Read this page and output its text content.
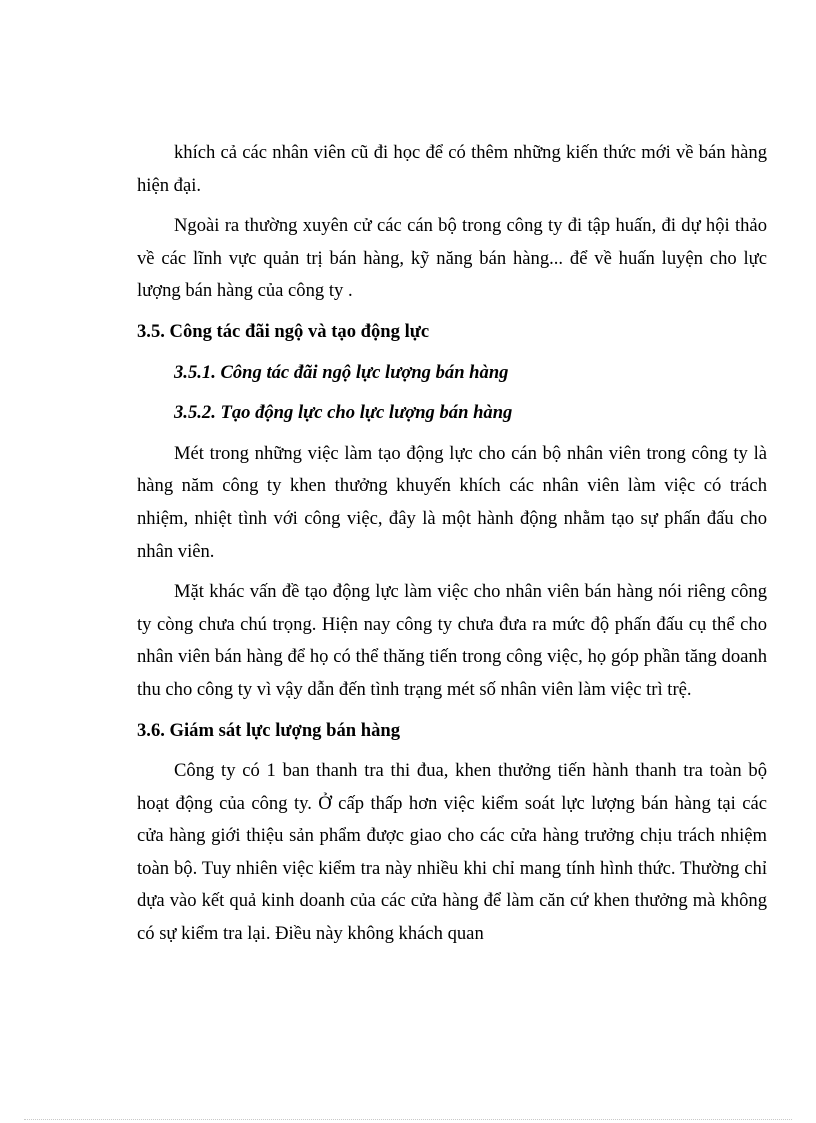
khích cả các nhân viên cũ đi học để có thêm những kiến thức mới về bán hàng hiện đại.

Ngoài ra thường xuyên cử các cán bộ trong công ty đi tập huấn, đi dự hội thảo về các lĩnh vực quản trị bán hàng, kỹ năng bán hàng... để về huấn luyện cho lực lượng bán hàng của công ty .

3.5. Công tác đãi ngộ và tạo động lực

3.5.1. Công tác đãi ngộ lực lượng bán hàng

3.5.2. Tạo động lực cho lực lượng bán hàng

Mét trong những việc làm tạo động lực cho cán bộ nhân viên trong công ty là hàng năm công ty khen thưởng khuyến khích các nhân viên làm việc có trách nhiệm, nhiệt tình với công việc, đây là một hành động nhằm tạo sự phấn đấu cho nhân viên.

Mặt khác vấn đề tạo động lực làm việc cho nhân viên bán hàng nói riêng công ty còng chưa chú trọng. Hiện nay công ty chưa đưa ra mức độ phấn đấu cụ thể cho nhân viên bán hàng để họ có thể thăng tiến trong công việc, họ góp phần tăng doanh thu cho công ty vì vậy dẫn đến tình trạng mét số nhân viên làm việc trì trệ.

3.6. Giám sát lực lượng bán hàng

Công ty có 1 ban thanh tra thi đua, khen thưởng tiến hành thanh tra toàn bộ hoạt động của công ty. Ở cấp thấp hơn việc kiểm soát lực lượng bán hàng tại các cửa hàng giới thiệu sản phẩm được giao cho các cửa hàng trưởng chịu trách nhiệm toàn bộ. Tuy nhiên việc kiểm tra này nhiều khi chỉ mang tính hình thức. Thường chỉ dựa vào kết quả kinh doanh của các cửa hàng để làm căn cứ khen thưởng mà không có sự kiểm tra lại. Điều này không khách quan
